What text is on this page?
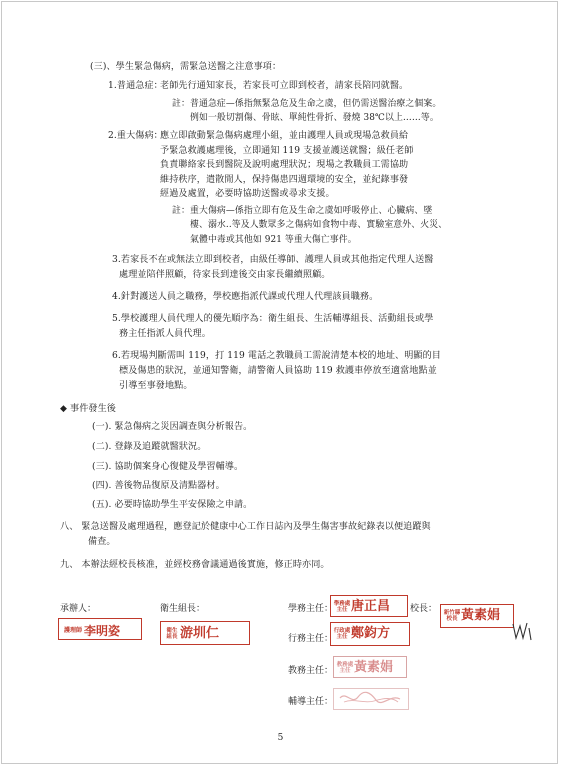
(三)、學生緊急傷病，需緊急送醫之注意事項：
1.普通急症：
老師先行通知家長，若家長可立即到校者，請家長陪同就醫。
註： 普通急症—係指無緊急危及生命之虞，但仍需送醫治療之個案。
例如一般切割傷、骨眩、單純性骨折、發燒 38℃以上……等。
2.重大傷病：
應立即啟動緊急傷病處理小組，並由護理人員或現場急救員給
予緊急救護處理後，立即通知 119 支援並護送就醫；級任老師
負責聯絡家長到醫院及說明處理狀況；現場之教職員工需協助
維持秩序，遣散閒人，保持傷患四週環境的安全，並紀錄事發
經過及處置，必要時協助送醫或尋求支援。
註： 重大傷病—係指立即有危及生命之虞如呼吸停止、心臟病、墜
樓、溺水..等及人數眾多之傷病如食物中毒、實驗室意外、火災、
氣體中毒或其他如 921 等重大傷亡事件。
3.若家長不在或無法立即到校者，由級任導師、護理人員或其他指定代理人送醫
處理並陪伴照顧，待家長到達後交由家長繼續照顧。
4.針對護送人員之職務，學校應指派代課或代理人代理該員職務。
5.學校護理人員代理人的優先順序為：衛生組長、生活輔導組長、活動組長或學
務主任指派人員代理。
6.若現場判斷需叫 119，打 119 電話之教職員工需說清楚本校的地址、明顯的目
標及傷患的狀況，並通知警衛，請警衛人員協助 119 救護車停放至適當地點並
引導至事發地點。
◆ 事件發生後
(一). 緊急傷病之災因調查與分析報告。
(二). 登錄及追蹤就醫狀況。
(三). 協助個案身心復健及學習輔導。
(四). 善後物品復原及清點器材。
(五). 必要時協助學生平安保險之申請。
八、 緊急送醫及處理過程，應登記於健康中心工作日誌內及學生傷害事故紀錄表以便追蹤與
備查。
九、 本辦法經校長核准，並經校務會議通過後實施，修正時亦同。
承辦人：
護理師 李明姿
衛生組長：
衛生組長 游圳仁
學務主任：
學務處主任 唐正昌	校長：	新竹縣校長 黃素娟
行務主任：
行政處主任 鄭鈞方
教務主任：
教務處主任 黃素娟
輔導主任：
5
